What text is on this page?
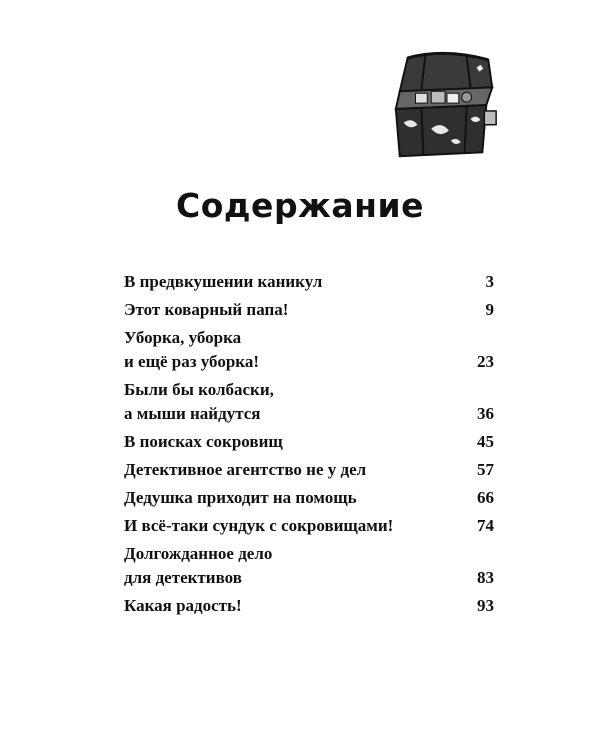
Содержание
В предвкушении каникул	3
Этот коварный папа!	9
Уборка, уборка
и ещё раз уборка!	23
Были бы колбаски,
а мыши найдутся	36
В поисках сокровищ	45
Детективное агентство не у дел	57
Дедушка приходит на помощь	66
И всё-таки сундук с сокровищами!	74
Долгожданное дело
для детективов	83
Какая радость!	93
